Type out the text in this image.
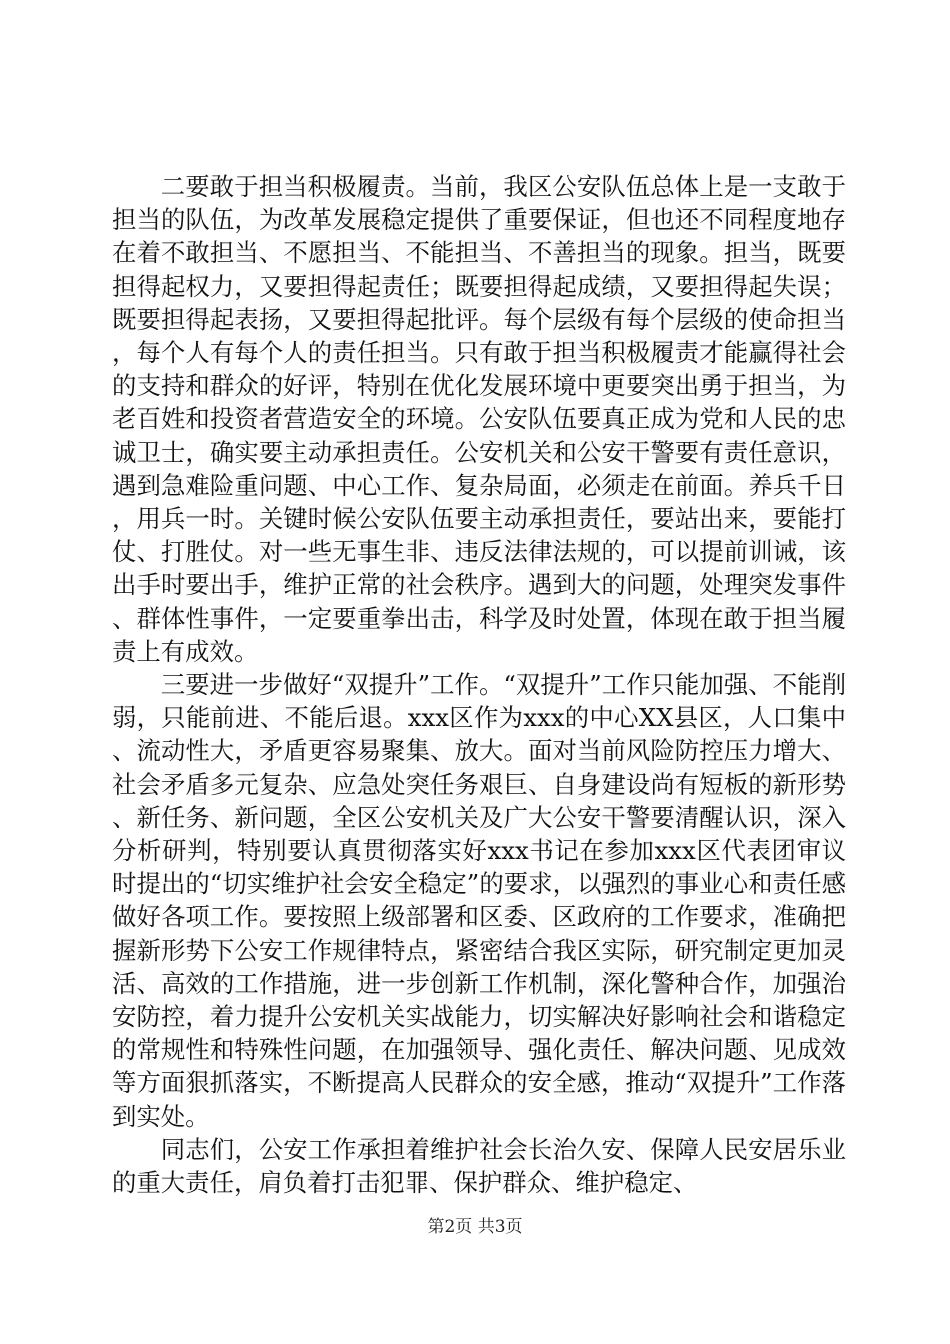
二要敢于担当积极履责。当前，我区公安队伍总体上是一支敢于担当的队伍，为改革发展稳定提供了重要保证，但也还不同程度地存在着不敢担当、不愿担当、不能担当、不善担当的现象。担当，既要担得起权力，又要担得起责任；既要担得起成绩，又要担得起失误；既要担得起表扬，又要担得起批评。每个层级有每个层级的使命担当，每个人有每个人的责任担当。只有敢于担当积极履责才能赢得社会的支持和群众的好评，特别在优化发展环境中更要突出勇于担当，为老百姓和投资者营造安全的环境。公安队伍要真正成为党和人民的忠诚卫士，确实要主动承担责任。公安机关和公安干警要有责任意识，遇到急难险重问题、中心工作、复杂局面，必须走在前面。养兵千日，用兵一时。关键时候公安队伍要主动承担责任，要站出来，要能打仗、打胜仗。对一些无事生非、违反法律法规的，可以提前训诫，该出手时要出手，维护正常的社会秩序。遇到大的问题，处理突发事件、群体性事件，一定要重拳出击，科学及时处置，体现在敢于担当履责上有成效。

三要进一步做好“双提升”工作。“双提升”工作只能加强、不能削弱，只能前进、不能后退。xxx区作为xxx的中心XX县区，人口集中、流动性大，矛盾更容易聚集、放大。面对当前风险防控压力增大、社会矛盾多元复杂、应急处突任务艰巨、自身建设尚有短板的新形势、新任务、新问题，全区公安机关及广大公安干警要清醒认识，深入分析研判，特别要认真贯彻落实好xxx书记在参加xxx区代表团审议时提出的“切实维护社会安全稳定”的要求，以强烈的事业心和责任感做好各项工作。要按照上级部署和区委、区政府的工作要求，准确把握新形势下公安工作规律特点，紧密结合我区实际，研究制定更加灵活、高效的工作措施，进一步创新工作机制，深化警种合作，加强治安防控，着力提升公安机关实战能力，切实解决好影响社会和谐稳定的常规性和特殊性问题，在加强领导、强化责任、解决问题、见成效等方面狠抓落实，不断提高人民群众的安全感，推动“双提升”工作落到实处。

同志们，公安工作承担着维护社会长治久安、保障人民安居乐业的重大责任，肩负着打击犯罪、保护群众、维护稳定、

第2页 共3页
